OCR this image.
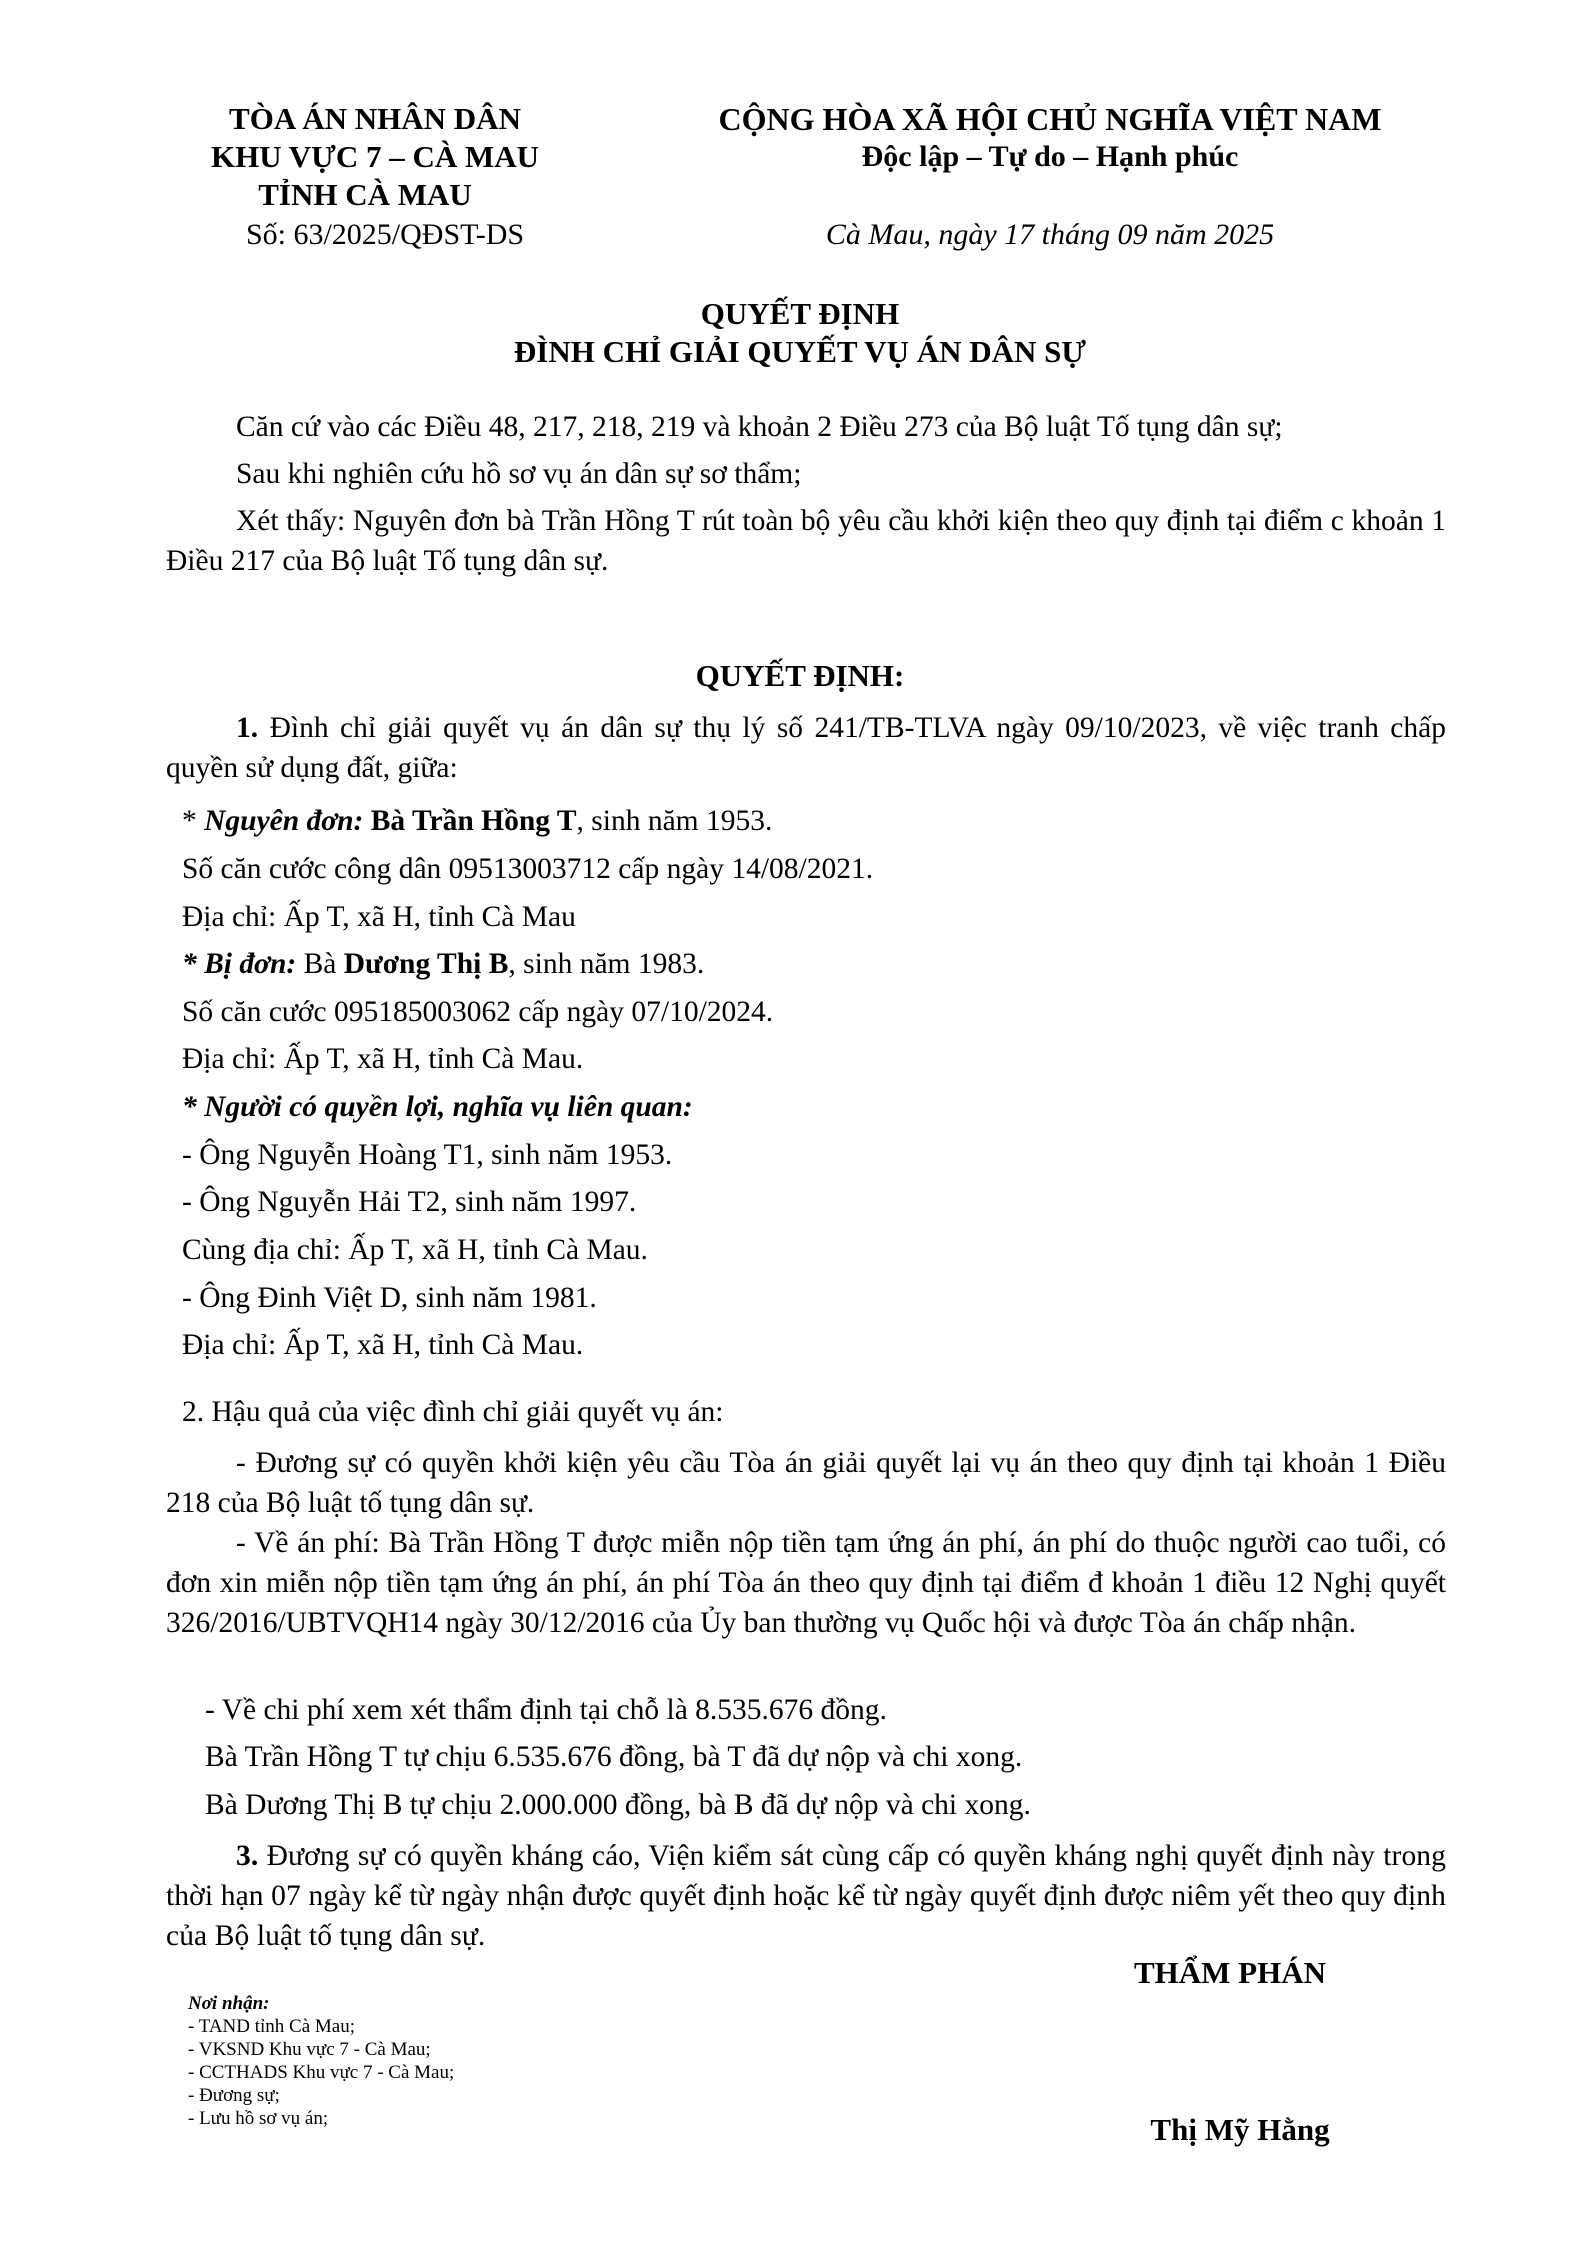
TÒA ÁN NHÂN DÂN
KHU VỰC 7 – CÀ MAU
TỈNH CÀ MAU
Số: 63/2025/QĐST-DS
CỘNG HÒA XÃ HỘI CHỦ NGHĨA VIỆT NAM
Độc lập – Tự do – Hạnh phúc
Cà Mau, ngày 17 tháng 09 năm 2025
QUYẾT ĐỊNH
ĐÌNH CHỈ GIẢI QUYẾT VỤ ÁN DÂN SỰ

Căn cứ vào các Điều 48, 217, 218, 219 và khoản 2 Điều 273 của Bộ luật Tố tụng dân sự;

Sau khi nghiên cứu hồ sơ vụ án dân sự sơ thẩm;

Xét thấy: Nguyên đơn bà Trần Hồng T rút toàn bộ yêu cầu khởi kiện theo quy định tại điểm c khoản 1 Điều 217 của Bộ luật Tố tụng dân sự.

QUYẾT ĐỊNH:

1. Đình chỉ giải quyết vụ án dân sự thụ lý số 241/TB-TLVA ngày 09/10/2023, về việc tranh chấp quyền sử dụng đất, giữa:

* Nguyên đơn: Bà Trần Hồng T, sinh năm 1953.
Số căn cước công dân 09513003712 cấp ngày 14/08/2021.
Địa chỉ: Ấp T, xã H, tỉnh Cà Mau
* Bị đơn: Bà Dương Thị B, sinh năm 1983.
Số căn cước 095185003062 cấp ngày 07/10/2024.
Địa chỉ: Ấp T, xã H, tỉnh Cà Mau.
* Người có quyền lợi, nghĩa vụ liên quan:
- Ông Nguyễn Hoàng T1, sinh năm 1953.
- Ông Nguyễn Hải T2, sinh năm 1997.
Cùng địa chỉ: Ấp T, xã H, tỉnh Cà Mau.
- Ông Đinh Việt D, sinh năm 1981.
Địa chỉ: Ấp T, xã H, tỉnh Cà Mau.
2. Hậu quả của việc đình chỉ giải quyết vụ án:

- Đương sự có quyền khởi kiện yêu cầu Tòa án giải quyết lại vụ án theo quy định tại khoản 1 Điều 218 của Bộ luật tố tụng dân sự.

- Về án phí: Bà Trần Hồng T được miễn nộp tiền tạm ứng án phí, án phí do thuộc người cao tuổi, có đơn xin miễn nộp tiền tạm ứng án phí, án phí Tòa án theo quy định tại điểm đ khoản 1 điều 12 Nghị quyết 326/2016/UBTVQH14 ngày 30/12/2016 của Ủy ban thường vụ Quốc hội và được Tòa án chấp nhận.

- Về chi phí xem xét thẩm định tại chỗ là 8.535.676 đồng.
Bà Trần Hồng T tự chịu 6.535.676 đồng, bà T đã dự nộp và chi xong.
Bà Dương Thị B tự chịu 2.000.000 đồng, bà B đã dự nộp và chi xong.

3. Đương sự có quyền kháng cáo, Viện kiểm sát cùng cấp có quyền kháng nghị quyết định này trong thời hạn 07 ngày kể từ ngày nhận được quyết định hoặc kể từ ngày quyết định được niêm yết theo quy định của Bộ luật tố tụng dân sự.

THẨM PHÁN
Thị Mỹ Hằng
Nơi nhận:
- TAND tỉnh Cà Mau;
- VKSND Khu vực 7 - Cà Mau;
- CCTHADS Khu vực 7 - Cà Mau;
- Đương sự;
- Lưu hồ sơ vụ án;
